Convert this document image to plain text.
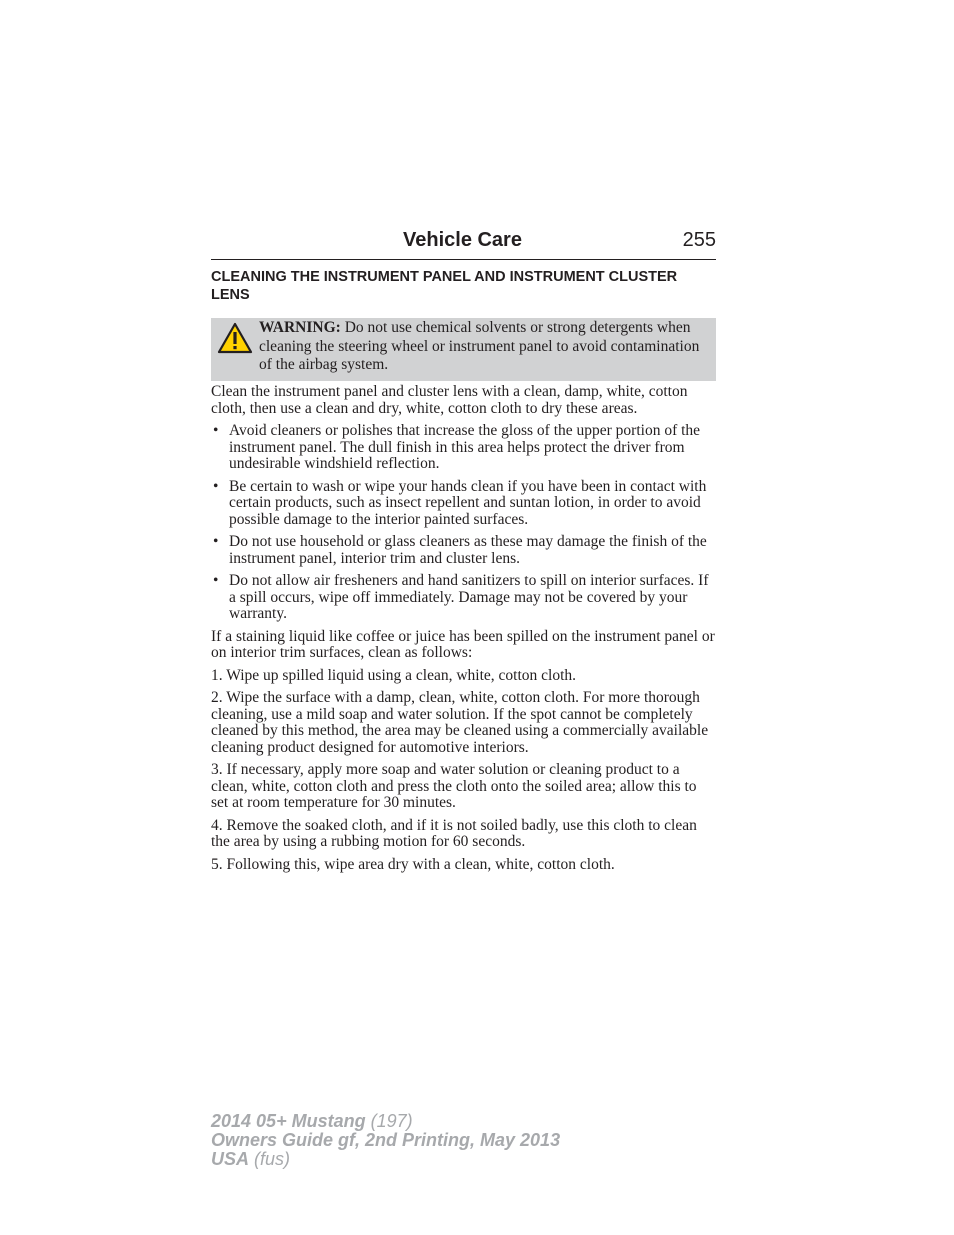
Vehicle Care	255
CLEANING THE INSTRUMENT PANEL AND INSTRUMENT CLUSTER LENS
WARNING: Do not use chemical solvents or strong detergents when cleaning the steering wheel or instrument panel to avoid contamination of the airbag system.

Clean the instrument panel and cluster lens with a clean, damp, white, cotton cloth, then use a clean and dry, white, cotton cloth to dry these areas.

• Avoid cleaners or polishes that increase the gloss of the upper portion of the instrument panel. The dull finish in this area helps protect the driver from undesirable windshield reflection.
• Be certain to wash or wipe your hands clean if you have been in contact with certain products, such as insect repellent and suntan lotion, in order to avoid possible damage to the interior painted surfaces.
• Do not use household or glass cleaners as these may damage the finish of the instrument panel, interior trim and cluster lens.
• Do not allow air fresheners and hand sanitizers to spill on interior surfaces. If a spill occurs, wipe off immediately. Damage may not be covered by your warranty.

If a staining liquid like coffee or juice has been spilled on the instrument panel or on interior trim surfaces, clean as follows:

1. Wipe up spilled liquid using a clean, white, cotton cloth.

2. Wipe the surface with a damp, clean, white, cotton cloth. For more thorough cleaning, use a mild soap and water solution. If the spot cannot be completely cleaned by this method, the area may be cleaned using a commercially available cleaning product designed for automotive interiors.

3. If necessary, apply more soap and water solution or cleaning product to a clean, white, cotton cloth and press the cloth onto the soiled area; allow this to set at room temperature for 30 minutes.

4. Remove the soaked cloth, and if it is not soiled badly, use this cloth to clean the area by using a rubbing motion for 60 seconds.

5. Following this, wipe area dry with a clean, white, cotton cloth.

2014 05+ Mustang (197)
Owners Guide gf, 2nd Printing, May 2013
USA (fus)
